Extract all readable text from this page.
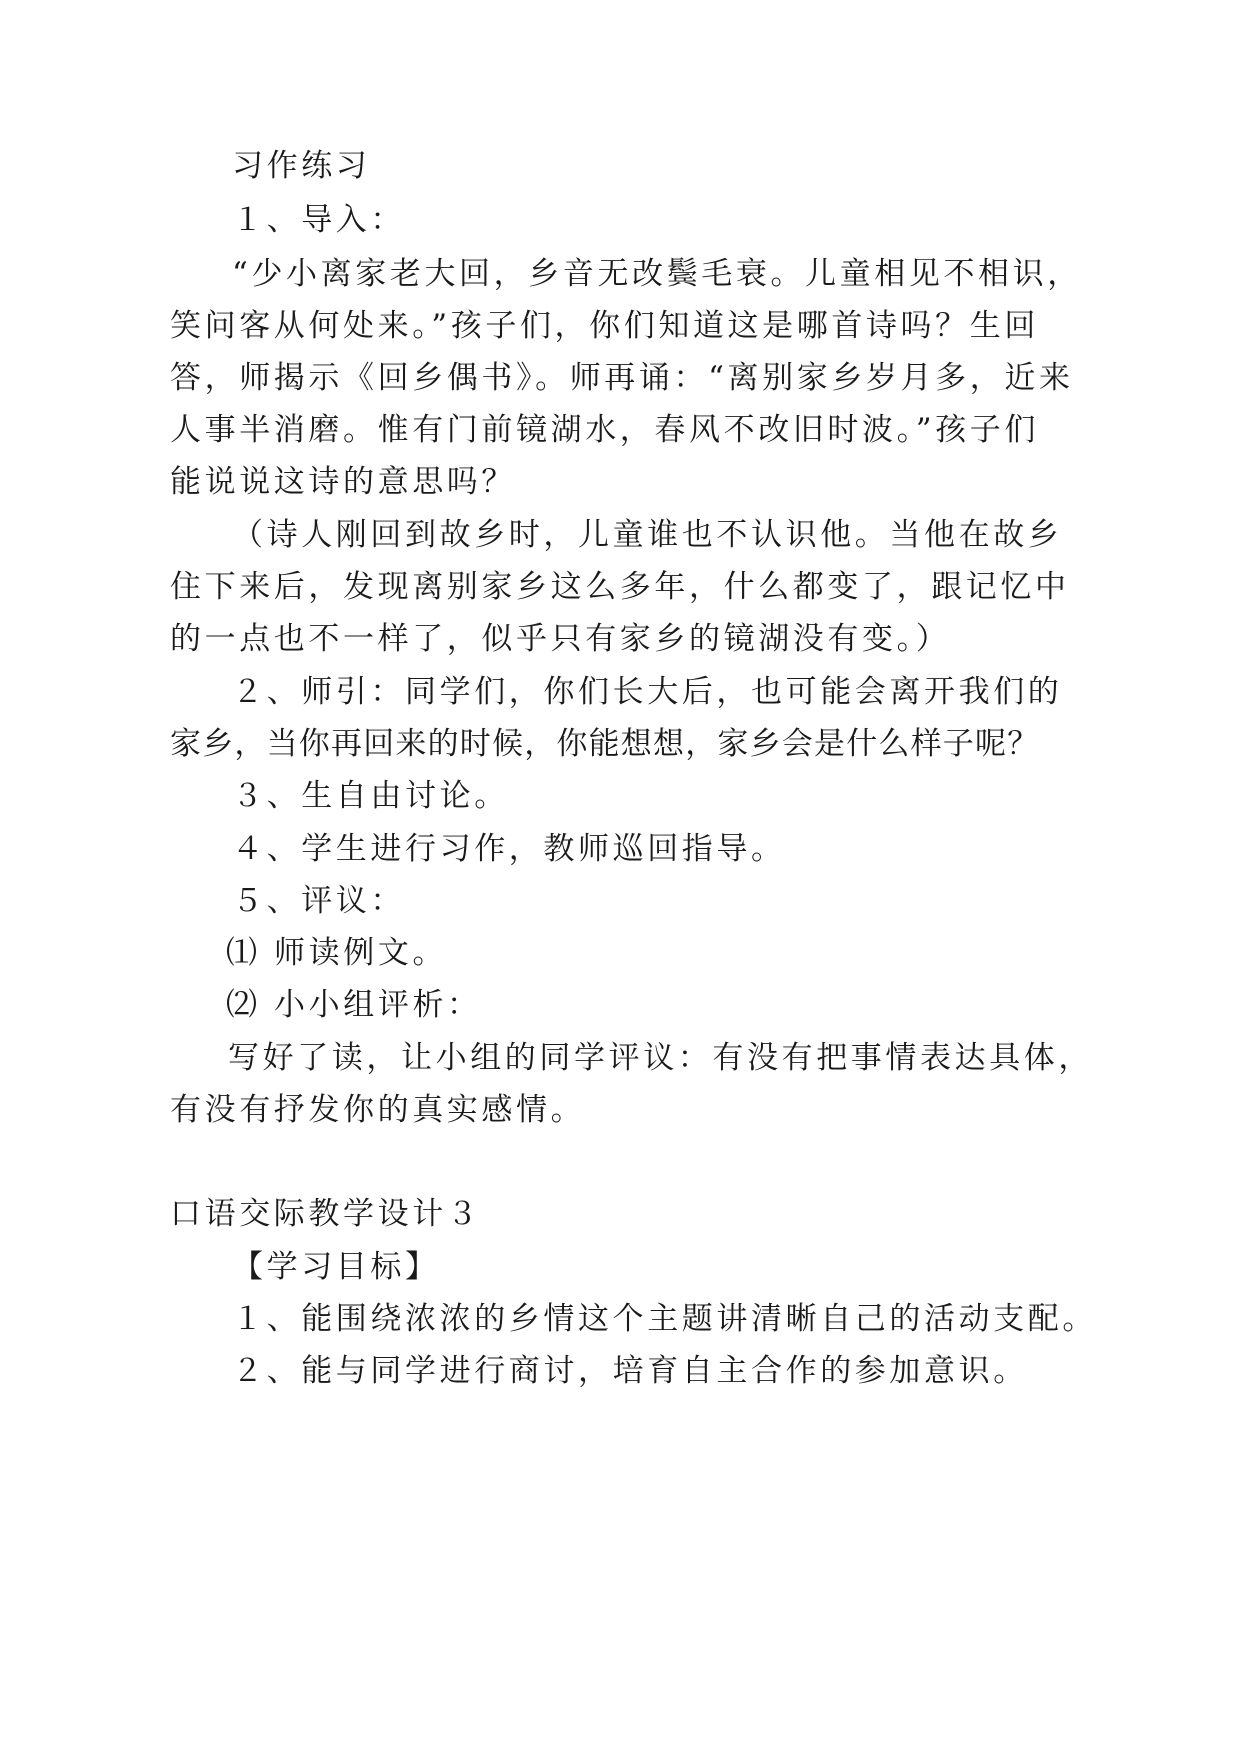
习作练习
１、导入：
“少小离家老大回，乡音无改鬓毛衰。儿童相见不相识，
笑问客从何处来。”孩子们，你们知道这是哪首诗吗？生回
答，师揭示《回乡偶书》。师再诵：“离别家乡岁月多，近来
人事半消磨。惟有门前镜湖水，春风不改旧时波。”孩子们
能说说这诗的意思吗？
（诗人刚回到故乡时，儿童谁也不认识他。当他在故乡
住下来后，发现离别家乡这么多年，什么都变了，跟记忆中
的一点也不一样了，似乎只有家乡的镜湖没有变。）
２、师引：同学们，你们长大后，也可能会离开我们的
家乡，当你再回来的时候，你能想想，家乡会是什么样子呢？
３、生自由讨论。
４、学生进行习作，教师巡回指导。
５、评议：
⑴ 师读例文。
⑵ 小小组评析：
写好了读，让小组的同学评议：有没有把事情表达具体，
有没有抒发你的真实感情。
口语交际教学设计３
【学习目标】
１、能围绕浓浓的乡情这个主题讲清晰自己的活动支配。
２、能与同学进行商讨，培育自主合作的参加意识。
